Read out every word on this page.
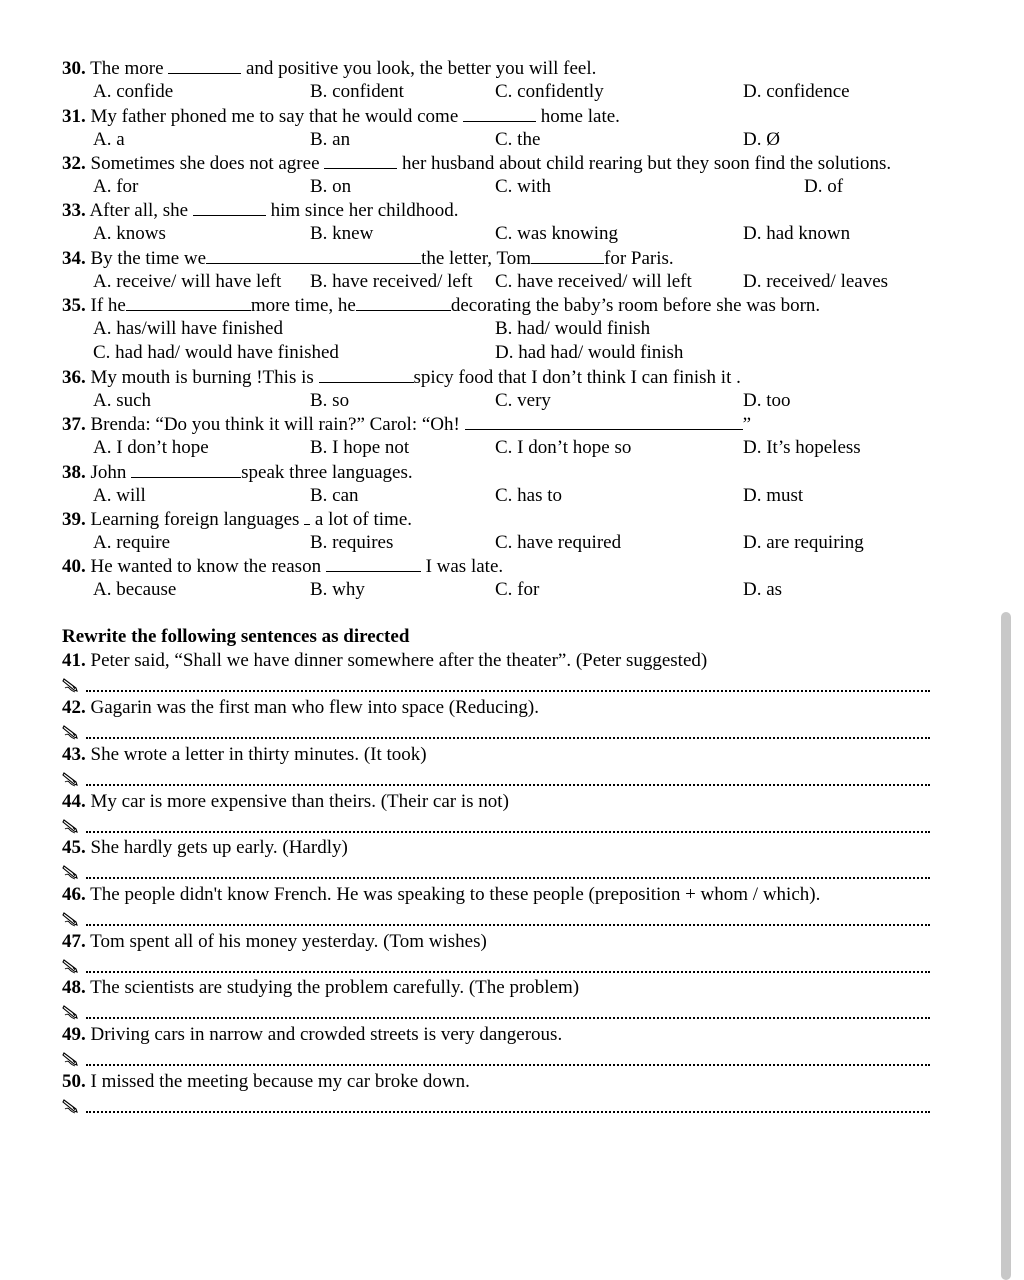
30. The more	and positive you look, the better you will feel.
A. confide	B. confident	C. confidently	D. confidence
31. My father phoned me to say that he would come	home late.
A. a	B. an	C. the	D. Ø
32. Sometimes she does not agree	her husband about child rearing but they soon find the solutions.
A. for	B. on	C. with	D. of
33. After all, she	him since her childhood.
A. knows	B. knew	C. was knowing	D. had known
34. By the time we	the letter, Tom	for Paris.
A. receive/ will have left B. have received/ left C. have received/ will left	D. received/ leaves
35. If he	more time, he	decorating the baby’s room before she was born.
A. has/will have finished	B. had/ would finish
C. had had/ would have finished	D. had had/ would finish
36. My mouth is burning !This is	spicy food that I don’t think I can finish it .
A. such	B. so	C. very	D. too
37. Brenda: “Do you think it will rain?” Carol: “Oh!	”
A. I don’t hope	B. I hope not	C. I don’t hope so	D. It’s hopeless
38. John	speak three languages.
A. will	B. can	C. has to	D. must
39. Learning foreign languages  a lot of time.
A. require	B. requires	C. have required	D. are requiring
40. He wanted to know the reason	I was late.
A. because	B. why	C. for	D. as
Rewrite the following sentences as directed
41. Peter said, “Shall we have dinner somewhere after the theater”. (Peter suggested)
42. Gagarin was the first man who flew into space (Reducing).
43. She wrote a letter in thirty minutes. (It took)
44. My car is more expensive than theirs. (Their car is not)
45. She hardly gets up early. (Hardly)
46. The people didn't know French. He was speaking to these people (preposition + whom / which).
47. Tom spent all of his money yesterday. (Tom wishes)
48. The scientists are studying the problem carefully. (The problem)
49. Driving cars in narrow and crowded streets is very dangerous.
50. I missed the meeting because my car broke down.
